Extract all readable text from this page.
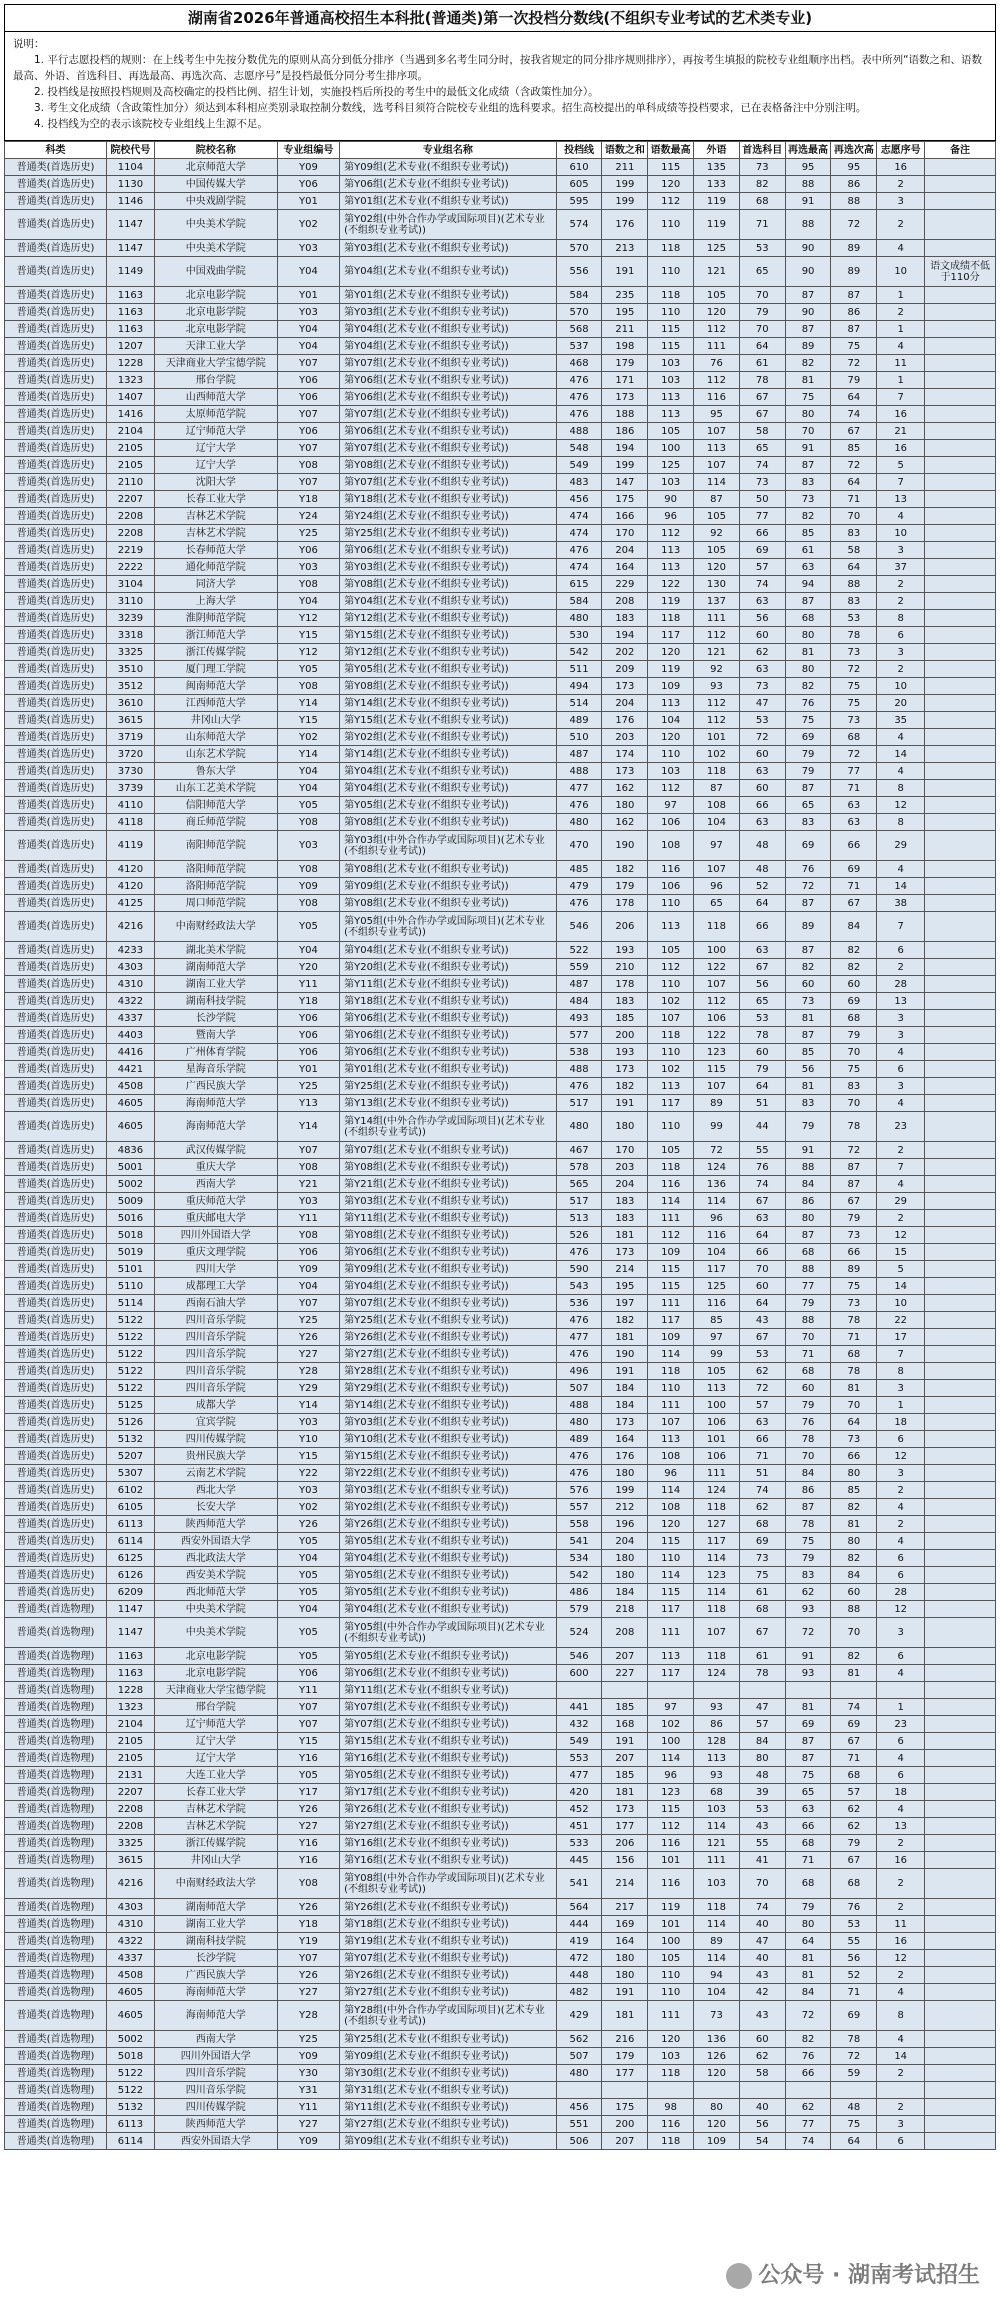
湖南省2026年普通高校招生本科批(普通类)第一次投档分数线(不组织专业考试的艺术类专业)
说明：
1. 平行志愿投档的规则：在上线考生中先按分数优先的原则从高分到低分排序（当遇到多名考生同分时，按我省规定的同分排序规则排序），再按考生填报的院校专业组顺序出档。表中所列“语数之和、语数最高、外语、首选科目、再选最高、再选次高、志愿序号”是投档最低分同分考生排序项。
2. 投档线是按照投档规则及高校确定的投档比例、招生计划，实施投档后所投的考生中的最低文化成绩（含政策性加分）。
3. 考生文化成绩（含政策性加分）须达到本科相应类别录取控制分数线，选考科目须符合院校专业组的选科要求。招生高校提出的单科成绩等投档要求，已在表格备注中分别注明。
4. 投档线为空的表示该院校专业组线上生源不足。
科类	院校代号	院校名称	专业组编号	专业组名称	投档线	语数之和	语数最高	外语	首选科目	再选最高	再选次高	志愿序号	备注
普通类(首选历史)	1104	北京师范大学	Y09	第Y09组(艺术专业(不组织专业考试))	610	211	115	135	73	95	95	16	
普通类(首选历史)	1130	中国传媒大学	Y06	第Y06组(艺术专业(不组织专业考试))	605	199	120	133	82	88	86	2	
普通类(首选历史)	1146	中央戏剧学院	Y01	第Y01组(艺术专业(不组织专业考试))	595	199	112	119	68	91	88	3	
普通类(首选历史)	1147	中央美术学院	Y02	第Y02组(中外合作办学或国际项目)(艺术专业(不组织专业考试))	574	176	110	119	71	88	72	2	
普通类(首选历史)	1147	中央美术学院	Y03	第Y03组(艺术专业(不组织专业考试))	570	213	118	125	53	90	89	4	
普通类(首选历史)	1149	中国戏曲学院	Y04	第Y04组(艺术专业(不组织专业考试))	556	191	110	121	65	90	89	10	语文成绩不低于110分
普通类(首选历史)	1163	北京电影学院	Y01	第Y01组(艺术专业(不组织专业考试))	584	235	118	105	70	87	87	1	
普通类(首选历史)	1163	北京电影学院	Y03	第Y03组(艺术专业(不组织专业考试))	570	195	110	120	79	90	86	2	
普通类(首选历史)	1163	北京电影学院	Y04	第Y04组(艺术专业(不组织专业考试))	568	211	115	112	70	87	87	1	
普通类(首选历史)	1207	天津工业大学	Y04	第Y04组(艺术专业(不组织专业考试))	537	198	115	111	64	89	75	4	
普通类(首选历史)	1228	天津商业大学宝德学院	Y07	第Y07组(艺术专业(不组织专业考试))	468	179	103	76	61	82	72	11	
普通类(首选历史)	1323	邢台学院	Y06	第Y06组(艺术专业(不组织专业考试))	476	171	103	112	78	81	79	1	
普通类(首选历史)	1407	山西师范大学	Y06	第Y06组(艺术专业(不组织专业考试))	476	173	113	116	67	75	64	7	
普通类(首选历史)	1416	太原师范学院	Y07	第Y07组(艺术专业(不组织专业考试))	476	188	113	95	67	80	74	16	
普通类(首选历史)	2104	辽宁师范大学	Y06	第Y06组(艺术专业(不组织专业考试))	488	186	105	107	58	70	67	21	
普通类(首选历史)	2105	辽宁大学	Y07	第Y07组(艺术专业(不组织专业考试))	548	194	100	113	65	91	85	16	
普通类(首选历史)	2105	辽宁大学	Y08	第Y08组(艺术专业(不组织专业考试))	549	199	125	107	74	87	72	5	
普通类(首选历史)	2110	沈阳大学	Y07	第Y07组(艺术专业(不组织专业考试))	483	147	103	114	73	83	64	7	
普通类(首选历史)	2207	长春工业大学	Y18	第Y18组(艺术专业(不组织专业考试))	456	175	90	87	50	73	71	13	
普通类(首选历史)	2208	吉林艺术学院	Y24	第Y24组(艺术专业(不组织专业考试))	474	166	96	105	77	82	70	4	
普通类(首选历史)	2208	吉林艺术学院	Y25	第Y25组(艺术专业(不组织专业考试))	474	170	112	92	66	85	83	10	
普通类(首选历史)	2219	长春师范大学	Y06	第Y06组(艺术专业(不组织专业考试))	476	204	113	105	69	61	58	3	
普通类(首选历史)	2222	通化师范学院	Y03	第Y03组(艺术专业(不组织专业考试))	474	164	113	120	57	63	64	37	
普通类(首选历史)	3104	同济大学	Y08	第Y08组(艺术专业(不组织专业考试))	615	229	122	130	74	94	88	2	
普通类(首选历史)	3110	上海大学	Y04	第Y04组(艺术专业(不组织专业考试))	584	208	119	137	63	87	83	2	
普通类(首选历史)	3239	淮阴师范学院	Y12	第Y12组(艺术专业(不组织专业考试))	480	183	118	111	56	68	53	8	
普通类(首选历史)	3318	浙江师范大学	Y15	第Y15组(艺术专业(不组织专业考试))	530	194	117	112	60	80	78	6	
普通类(首选历史)	3325	浙江传媒学院	Y12	第Y12组(艺术专业(不组织专业考试))	542	202	120	121	62	81	73	3	
普通类(首选历史)	3510	厦门理工学院	Y05	第Y05组(艺术专业(不组织专业考试))	511	209	119	92	63	80	72	2	
普通类(首选历史)	3512	闽南师范大学	Y08	第Y08组(艺术专业(不组织专业考试))	494	173	109	93	73	82	75	10	
普通类(首选历史)	3610	江西师范大学	Y14	第Y14组(艺术专业(不组织专业考试))	514	204	113	112	47	76	75	20	
普通类(首选历史)	3615	井冈山大学	Y15	第Y15组(艺术专业(不组织专业考试))	489	176	104	112	53	75	73	35	
普通类(首选历史)	3719	山东师范大学	Y02	第Y02组(艺术专业(不组织专业考试))	510	203	120	101	72	69	68	4	
普通类(首选历史)	3720	山东艺术学院	Y14	第Y14组(艺术专业(不组织专业考试))	487	174	110	102	60	79	72	14	
普通类(首选历史)	3730	鲁东大学	Y04	第Y04组(艺术专业(不组织专业考试))	488	173	103	118	63	79	77	4	
普通类(首选历史)	3739	山东工艺美术学院	Y04	第Y04组(艺术专业(不组织专业考试))	477	162	112	87	60	87	71	8	
普通类(首选历史)	4110	信阳师范大学	Y05	第Y05组(艺术专业(不组织专业考试))	476	180	97	108	66	65	63	12	
普通类(首选历史)	4118	商丘师范学院	Y08	第Y08组(艺术专业(不组织专业考试))	480	162	106	104	63	83	63	8	
普通类(首选历史)	4119	南阳师范学院	Y03	第Y03组(中外合作办学或国际项目)(艺术专业(不组织专业考试))	470	190	108	97	48	69	66	29	
普通类(首选历史)	4120	洛阳师范学院	Y08	第Y08组(艺术专业(不组织专业考试))	485	182	116	107	48	76	69	4	
普通类(首选历史)	4120	洛阳师范学院	Y09	第Y09组(艺术专业(不组织专业考试))	479	179	106	96	52	72	71	14	
普通类(首选历史)	4125	周口师范学院	Y08	第Y08组(艺术专业(不组织专业考试))	476	178	110	65	64	87	67	38	
普通类(首选历史)	4216	中南财经政法大学	Y05	第Y05组(中外合作办学或国际项目)(艺术专业(不组织专业考试))	546	206	113	118	66	89	84	7	
普通类(首选历史)	4233	湖北美术学院	Y04	第Y04组(艺术专业(不组织专业考试))	522	193	105	100	63	87	82	6	
普通类(首选历史)	4303	湖南师范大学	Y20	第Y20组(艺术专业(不组织专业考试))	559	210	112	122	67	82	82	2	
普通类(首选历史)	4310	湖南工业大学	Y11	第Y11组(艺术专业(不组织专业考试))	487	178	110	107	56	60	60	28	
普通类(首选历史)	4322	湖南科技学院	Y18	第Y18组(艺术专业(不组织专业考试))	484	183	102	112	65	73	69	13	
普通类(首选历史)	4337	长沙学院	Y06	第Y06组(艺术专业(不组织专业考试))	493	185	107	106	53	81	68	3	
普通类(首选历史)	4403	暨南大学	Y06	第Y06组(艺术专业(不组织专业考试))	577	200	118	122	78	87	79	3	
普通类(首选历史)	4416	广州体育学院	Y06	第Y06组(艺术专业(不组织专业考试))	538	193	110	123	60	85	70	4	
普通类(首选历史)	4421	星海音乐学院	Y01	第Y01组(艺术专业(不组织专业考试))	488	173	102	115	79	56	75	6	
普通类(首选历史)	4508	广西民族大学	Y25	第Y25组(艺术专业(不组织专业考试))	476	182	113	107	64	81	83	3	
普通类(首选历史)	4605	海南师范大学	Y13	第Y13组(艺术专业(不组织专业考试))	517	191	117	89	51	83	70	4	
普通类(首选历史)	4605	海南师范大学	Y14	第Y14组(中外合作办学或国际项目)(艺术专业(不组织专业考试))	480	180	110	99	44	79	78	23	
普通类(首选历史)	4836	武汉传媒学院	Y07	第Y07组(艺术专业(不组织专业考试))	467	170	105	72	55	91	72	2	
普通类(首选历史)	5001	重庆大学	Y08	第Y08组(艺术专业(不组织专业考试))	578	203	118	124	76	88	87	7	
普通类(首选历史)	5002	西南大学	Y21	第Y21组(艺术专业(不组织专业考试))	565	204	116	136	74	84	87	4	
普通类(首选历史)	5009	重庆师范大学	Y03	第Y03组(艺术专业(不组织专业考试))	517	183	114	114	67	86	67	29	
普通类(首选历史)	5016	重庆邮电大学	Y11	第Y11组(艺术专业(不组织专业考试))	513	183	111	96	63	80	79	2	
普通类(首选历史)	5018	四川外国语大学	Y08	第Y08组(艺术专业(不组织专业考试))	526	181	112	116	64	87	73	12	
普通类(首选历史)	5019	重庆文理学院	Y06	第Y06组(艺术专业(不组织专业考试))	476	173	109	104	66	68	66	15	
普通类(首选历史)	5101	四川大学	Y09	第Y09组(艺术专业(不组织专业考试))	590	214	115	117	70	88	89	5	
普通类(首选历史)	5110	成都理工大学	Y04	第Y04组(艺术专业(不组织专业考试))	543	195	115	125	60	77	75	14	
普通类(首选历史)	5114	西南石油大学	Y07	第Y07组(艺术专业(不组织专业考试))	536	197	111	116	64	79	73	10	
普通类(首选历史)	5122	四川音乐学院	Y25	第Y25组(艺术专业(不组织专业考试))	476	182	117	85	43	88	78	22	
普通类(首选历史)	5122	四川音乐学院	Y26	第Y26组(艺术专业(不组织专业考试))	477	181	109	97	67	70	71	17	
普通类(首选历史)	5122	四川音乐学院	Y27	第Y27组(艺术专业(不组织专业考试))	476	190	114	99	53	71	68	7	
普通类(首选历史)	5122	四川音乐学院	Y28	第Y28组(艺术专业(不组织专业考试))	496	191	118	105	62	68	78	8	
普通类(首选历史)	5122	四川音乐学院	Y29	第Y29组(艺术专业(不组织专业考试))	507	184	110	113	72	60	81	3	
普通类(首选历史)	5125	成都大学	Y14	第Y14组(艺术专业(不组织专业考试))	488	184	111	100	57	79	70	1	
普通类(首选历史)	5126	宜宾学院	Y03	第Y03组(艺术专业(不组织专业考试))	480	173	107	106	63	76	64	18	
普通类(首选历史)	5132	四川传媒学院	Y10	第Y10组(艺术专业(不组织专业考试))	489	164	113	101	66	78	73	6	
普通类(首选历史)	5207	贵州民族大学	Y15	第Y15组(艺术专业(不组织专业考试))	476	176	108	106	71	70	66	12	
普通类(首选历史)	5307	云南艺术学院	Y22	第Y22组(艺术专业(不组织专业考试))	476	180	96	111	51	84	80	3	
普通类(首选历史)	6102	西北大学	Y03	第Y03组(艺术专业(不组织专业考试))	576	199	114	124	74	86	85	2	
普通类(首选历史)	6105	长安大学	Y02	第Y02组(艺术专业(不组织专业考试))	557	212	108	118	62	87	82	4	
普通类(首选历史)	6113	陕西师范大学	Y26	第Y26组(艺术专业(不组织专业考试))	558	196	120	127	68	78	81	2	
普通类(首选历史)	6114	西安外国语大学	Y05	第Y05组(艺术专业(不组织专业考试))	541	204	115	117	69	75	80	4	
普通类(首选历史)	6125	西北政法大学	Y04	第Y04组(艺术专业(不组织专业考试))	534	180	110	114	73	79	82	6	
普通类(首选历史)	6126	西安美术学院	Y05	第Y05组(艺术专业(不组织专业考试))	542	180	114	123	75	83	84	6	
普通类(首选历史)	6209	西北师范大学	Y05	第Y05组(艺术专业(不组织专业考试))	486	184	115	114	61	62	60	28	
普通类(首选物理)	1147	中央美术学院	Y04	第Y04组(艺术专业(不组织专业考试))	579	218	117	118	68	93	88	12	
普通类(首选物理)	1147	中央美术学院	Y05	第Y05组(中外合作办学或国际项目)(艺术专业(不组织专业考试))	524	208	111	107	67	72	70	3	
普通类(首选物理)	1163	北京电影学院	Y05	第Y05组(艺术专业(不组织专业考试))	546	207	113	118	61	91	82	6	
普通类(首选物理)	1163	北京电影学院	Y06	第Y06组(艺术专业(不组织专业考试))	600	227	117	124	78	93	81	4	
普通类(首选物理)	1228	天津商业大学宝德学院	Y11	第Y11组(艺术专业(不组织专业考试))									
普通类(首选物理)	1323	邢台学院	Y07	第Y07组(艺术专业(不组织专业考试))	441	185	97	93	47	81	74	1	
普通类(首选物理)	2104	辽宁师范大学	Y07	第Y07组(艺术专业(不组织专业考试))	432	168	102	86	57	69	69	23	
普通类(首选物理)	2105	辽宁大学	Y15	第Y15组(艺术专业(不组织专业考试))	549	191	100	128	84	87	67	6	
普通类(首选物理)	2105	辽宁大学	Y16	第Y16组(艺术专业(不组织专业考试))	553	207	114	113	80	87	71	4	
普通类(首选物理)	2131	大连工业大学	Y05	第Y05组(艺术专业(不组织专业考试))	477	185	96	93	48	75	68	6	
普通类(首选物理)	2207	长春工业大学	Y17	第Y17组(艺术专业(不组织专业考试))	420	181	123	68	39	65	57	18	
普通类(首选物理)	2208	吉林艺术学院	Y26	第Y26组(艺术专业(不组织专业考试))	452	173	115	103	53	63	62	4	
普通类(首选物理)	2208	吉林艺术学院	Y27	第Y27组(艺术专业(不组织专业考试))	451	177	112	114	43	66	62	13	
普通类(首选物理)	3325	浙江传媒学院	Y16	第Y16组(艺术专业(不组织专业考试))	533	206	116	121	55	68	79	2	
普通类(首选物理)	3615	井冈山大学	Y16	第Y16组(艺术专业(不组织专业考试))	445	156	101	111	41	71	67	16	
普通类(首选物理)	4216	中南财经政法大学	Y08	第Y08组(中外合作办学或国际项目)(艺术专业(不组织专业考试))	541	214	116	103	70	68	68	2	
普通类(首选物理)	4303	湖南师范大学	Y26	第Y26组(艺术专业(不组织专业考试))	564	217	119	118	74	79	76	2	
普通类(首选物理)	4310	湖南工业大学	Y18	第Y18组(艺术专业(不组织专业考试))	444	169	101	114	40	80	53	11	
普通类(首选物理)	4322	湖南科技学院	Y19	第Y19组(艺术专业(不组织专业考试))	419	164	100	89	47	64	55	16	
普通类(首选物理)	4337	长沙学院	Y07	第Y07组(艺术专业(不组织专业考试))	472	180	105	114	40	81	56	12	
普通类(首选物理)	4508	广西民族大学	Y26	第Y26组(艺术专业(不组织专业考试))	448	180	110	94	43	81	52	2	
普通类(首选物理)	4605	海南师范大学	Y27	第Y27组(艺术专业(不组织专业考试))	482	191	110	104	42	84	71	4	
普通类(首选物理)	4605	海南师范大学	Y28	第Y28组(中外合作办学或国际项目)(艺术专业(不组织专业考试))	429	181	111	73	43	72	69	8	
普通类(首选物理)	5002	西南大学	Y25	第Y25组(艺术专业(不组织专业考试))	562	216	120	136	60	82	78	4	
普通类(首选物理)	5018	四川外国语大学	Y09	第Y09组(艺术专业(不组织专业考试))	507	179	103	126	62	76	72	14	
普通类(首选物理)	5122	四川音乐学院	Y30	第Y30组(艺术专业(不组织专业考试))	480	177	118	120	58	66	59	2	
普通类(首选物理)	5122	四川音乐学院	Y31	第Y31组(艺术专业(不组织专业考试))									
普通类(首选物理)	5132	四川传媒学院	Y11	第Y11组(艺术专业(不组织专业考试))	456	175	98	80	40	62	48	2	
普通类(首选物理)	6113	陕西师范大学	Y27	第Y27组(艺术专业(不组织专业考试))	551	200	116	120	56	77	75	3	
普通类(首选物理)	6114	西安外国语大学	Y09	第Y09组(艺术专业(不组织专业考试))	506	207	118	109	54	74	64	6	
公众号 · 湖南考试招生
